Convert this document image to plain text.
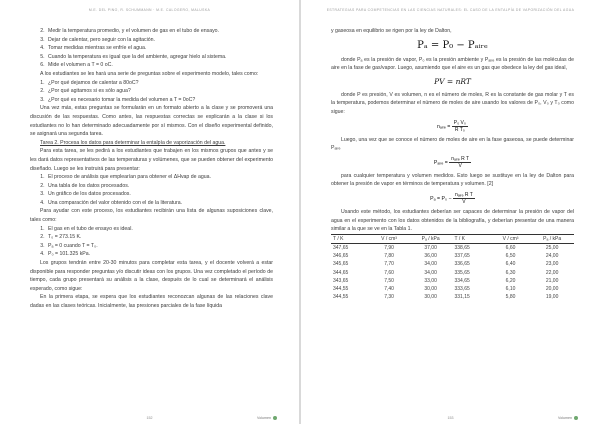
M.E. DEL PINO, R. SCHUMMANN · M.E. CALOGERO, MALUSKA
2. Medir la temperatura promedio, y el volumen de gas en el tubo de ensayo.
3. Dejar de calentar, pero seguir con la agitación.
4. Tomar medidas mientras se enfríe el agua.
5. Cuando la temperatura es igual que la del ambiente, agregar hielo al sistema.
6. Mide el volumen a T = 0 oC.

A los estudiantes se les hará una serie de preguntas sobre el experimento modelo, tales como:

1. ¿Por qué dejamos de calentar a 80oC?
2. ¿Por qué agitamos si es sólo agua?
3. ¿Por qué es necesario tomar la medida del volumen a T = 0oC?

Una vez más, estas preguntas se formularán en un formato abierto a la clase y se promoverá una discusión de las respuestas. Como antes, las respuestas correctas se explicarán a la clase si los estudiantes no lo han determinado adecuadamente por sí mismos. Con el diseño experimental definido, se asignará una segunda tarea.

Tarea 2. Procesa los datos para determinar la entalpía de vaporización del agua.

Para esta tarea, se les pedirá a los estudiantes que trabajen en los mismos grupos que antes y se les dará datos representativos de las temperaturas y volúmenes, que se pueden obtener del experimento diseñado. Luego se les instruirá para presentar:

1. El proceso de análisis que emplearían para obtener el ΔHvap de agua.
2. Una tabla de los datos procesados.
3. Un gráfico de los datos procesados.
4. Una comparación del valor obtenido con el de la literatura.

Para ayudar con este proceso, los estudiantes recibirán una lista de algunas suposiciones clave, tales como:

1. El gas en el tubo de ensayo es ideal.
2. T₀ = 273.15 K.
3. Pₐ = 0 cuando T = T₀.
4. P₀ = 101.325 kPa.

Los grupos tendrán entre 20-30 minutos para completar esta tarea, y el docente volverá a estar disponible para responder preguntas y/o discutir ideas con los grupos. Una vez completado el período de tiempo, cada grupo presentará su análisis a la clase, después de lo cual se determinará el análisis esperado, como sigue:

En la primera etapa, se espera que los estudiantes reconozcan algunas de las relaciones clave dadas en las clases teóricas. Inicialmente, las presiones parciales de la fase líquida

152	Volumen
ESTRATEGIAS PARA COMPETENCIAS EN LAS CIENCIAS NATURALES: EL CASO DE LA ENTALPÍA DE VAPORIZACIÓN DEL AGUA

y gaseosa en equilibrio se rigen por la ley de Dalton,

Pₐ = P₀ − Pₐᵢᵣₑ

donde Pₐ es la presión de vapor, P₀ es la presión ambiente y Pₐᵢᵣₑ es la presión de las moléculas de aire en la fase de gas/vapor. Luego, asumiendo que el aire es un gas que obedece la ley del gas ideal,

PV = nRT

donde P es presión, V es volumen, n es el número de moles, R es la constante de gas molar y T es la temperatura, podemos determinar el número de moles de aire usando los valores de P₀, V₀ y T₀ como sigue:

nₐᵢᵣₑ = $\frac{\text{P₀ V₀}}{\text{R T₀}}$

Luego, una vez que se conoce el número de moles de aire en la fase gaseosa, se puede determinar Pₐᵢᵣₑ

Pₐᵢᵣₑ = $\frac{\text{nₐᵢᵣₑ R T}}{V}$

para cualquier temperatura y volumen medidos. Esto luego se sustituye en la ley de Dalton para obtener la presión de vapor en términos de temperatura y volumen. [2]

$P_a = P_0 - \frac{\text{nₐᵢᵣₑ R T}}{V}$

Usando este método, los estudiantes deberían ser capaces de determinar la presión de vapor del agua en el experimento con los datos obtenidos de la bibliografía, y deberían presentar de una manera similar a la que se ve en la Tabla 1.

T / K	V / cm³	Pₐ / kPa	T / K	V / cm³	Pₐ / kPa
347,65	7,90	37,00	338,65	6,60	25,00
346,65	7,80	36,00	337,65	6,50	24,00
345,65	7,70	34,00	336,65	6,40	23,00
344,65	7,60	34,00	335,65	6,30	22,00
343,65	7,50	33,00	334,65	6,20	21,00
344,55	7,40	30,00	333,65	6,10	20,00
344,55	7,30	30,00	331,15	5,80	19,00
153	Volumen
